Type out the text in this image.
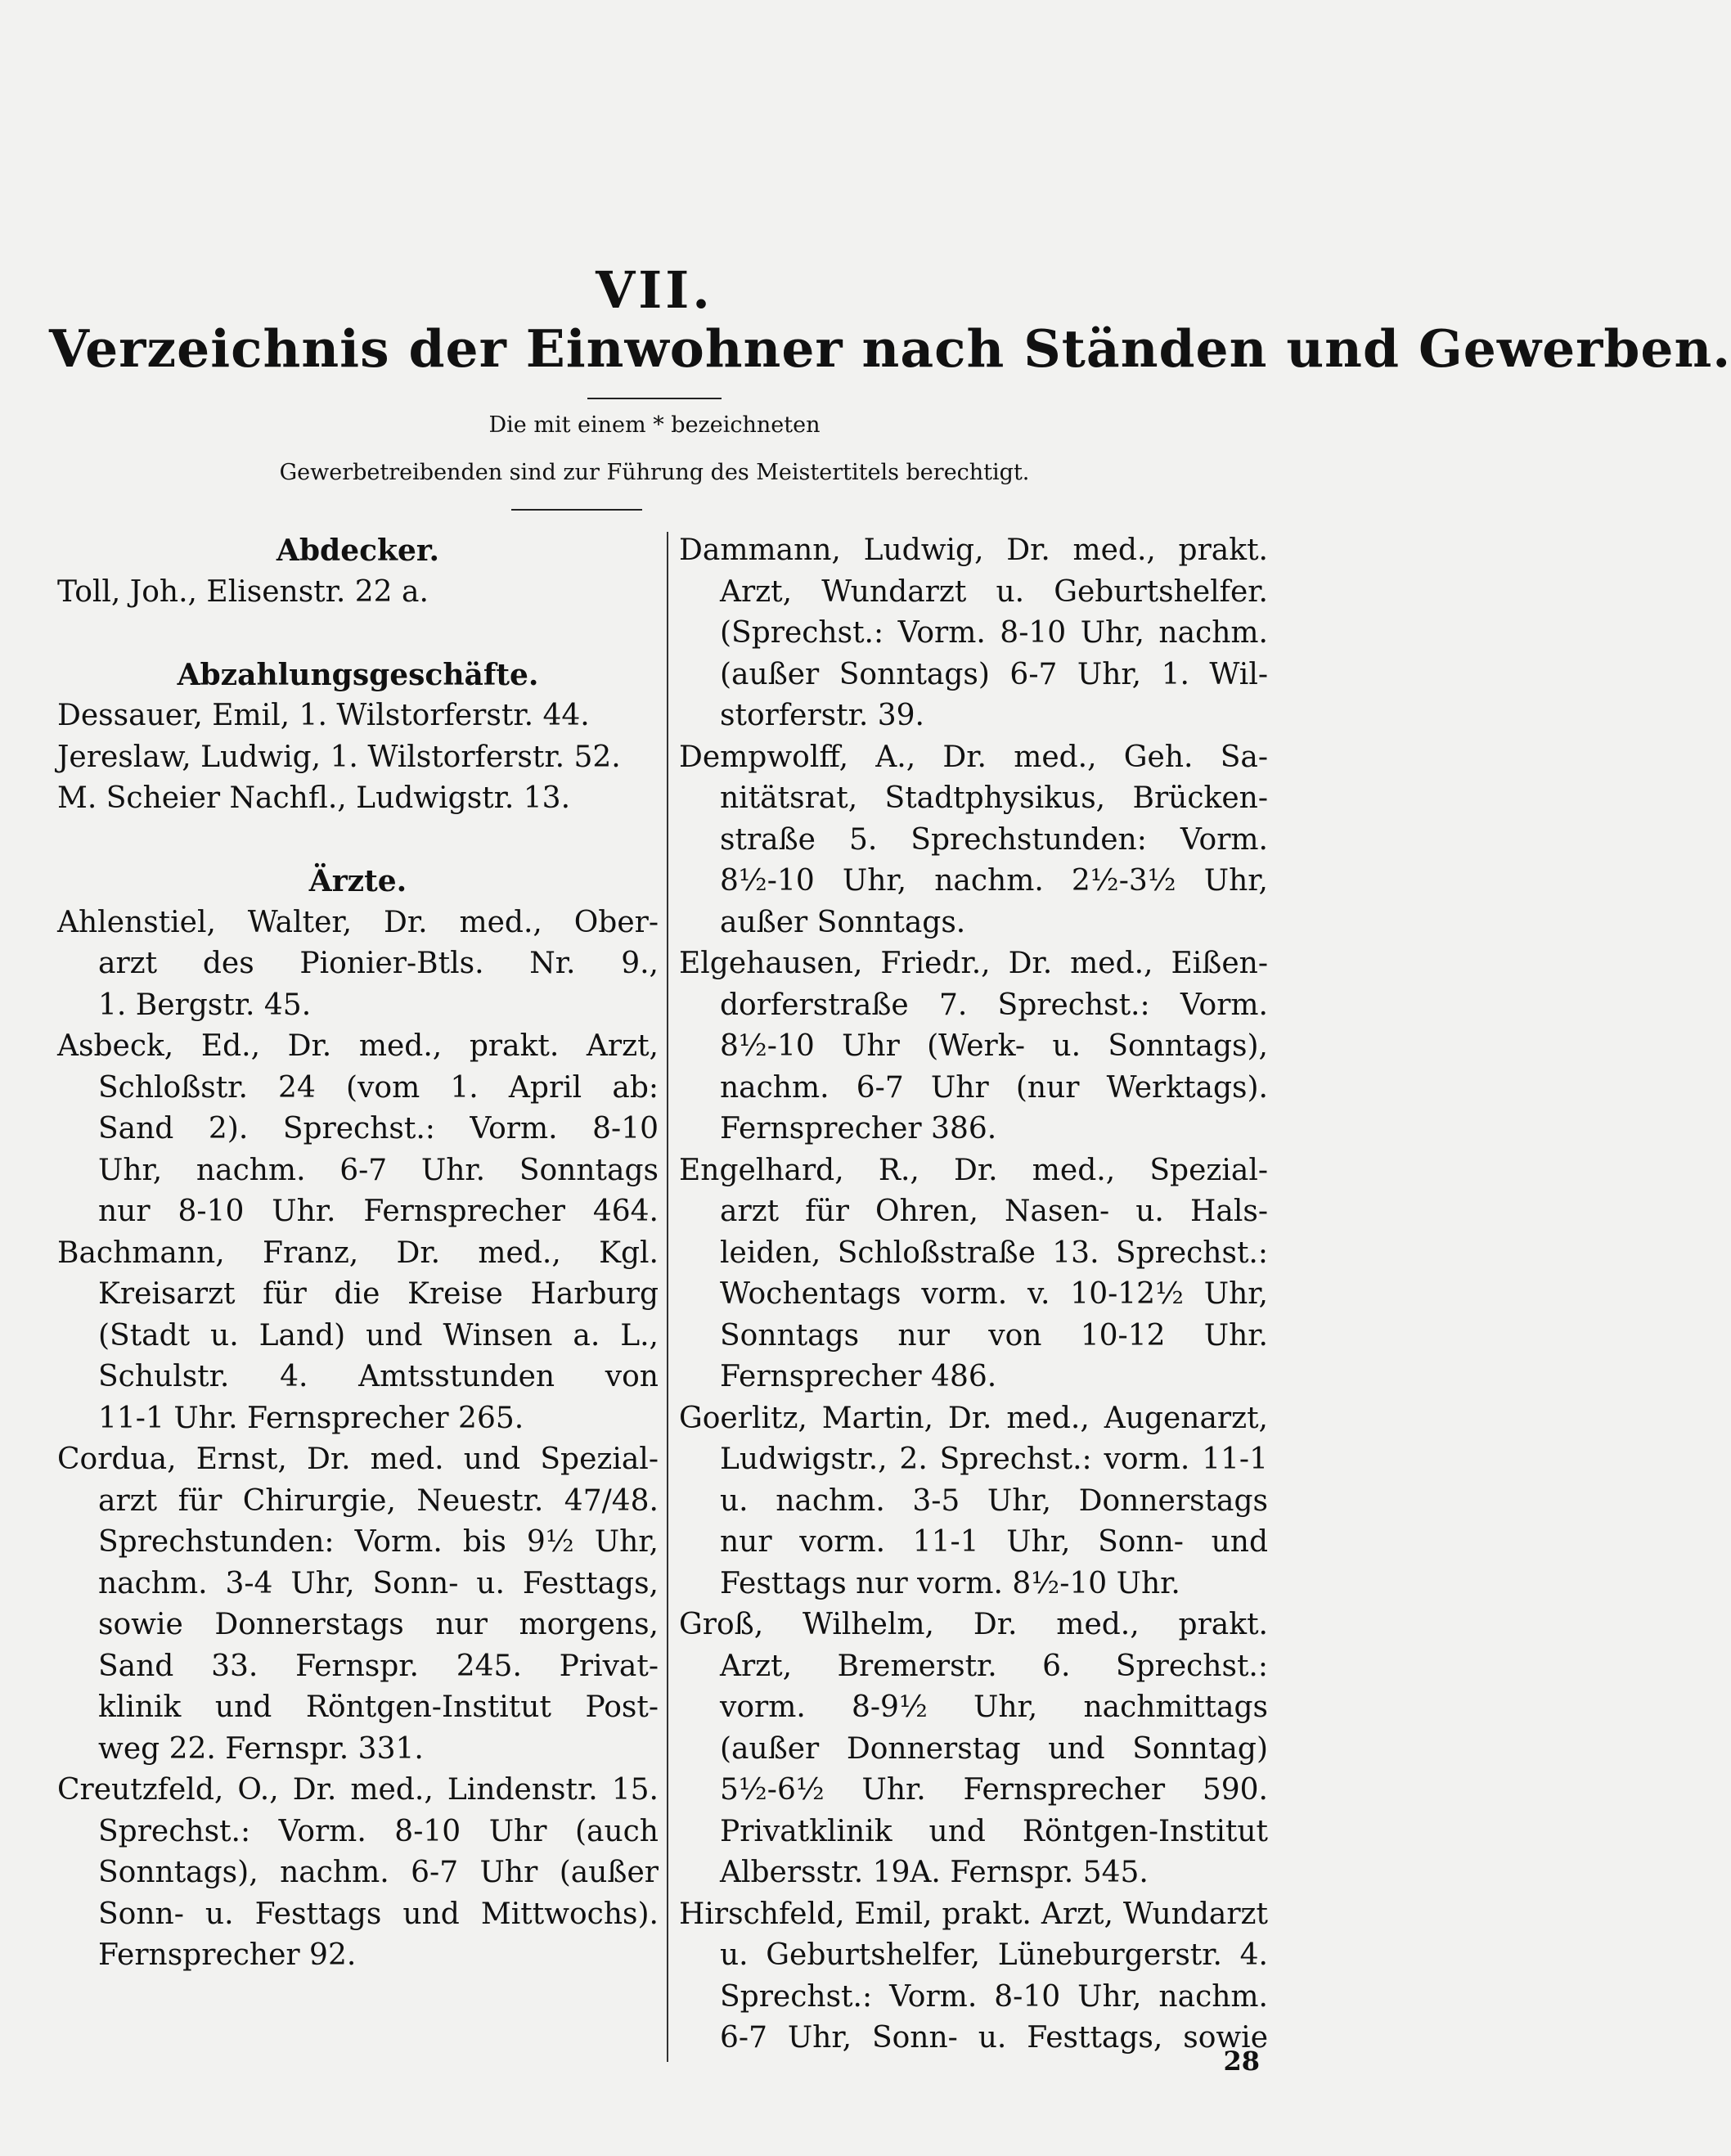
VII.
Verzeichnis der Einwohner nach Ständen und Gewerben.
Die mit einem * bezeichneten
Gewerbetreibenden sind zur Führung des Meistertitels berechtigt.
Abdecker.
Toll, Joh., Elisenstr. 22 a.
Abzahlungsgeschäfte.
Dessauer, Emil, 1. Wilstorferstr. 44.
Jereslaw, Ludwig, 1. Wilstorferstr. 52.
M. Scheier Nachfl., Ludwigstr. 13.
Ärzte.
Ahlenstiel, Walter, Dr. med., Ober-
arzt des Pionier-Btls. Nr. 9.,
1. Bergstr. 45.
Asbeck, Ed., Dr. med., prakt. Arzt,
Schloßstr. 24 (vom 1. April ab:
Sand 2). Sprechst.: Vorm. 8-10
Uhr, nachm. 6-7 Uhr. Sonntags
nur 8-10 Uhr. Fernsprecher 464.
Bachmann, Franz, Dr. med., Kgl.
Kreisarzt für die Kreise Harburg
(Stadt u. Land) und Winsen a. L.,
Schulstr. 4. Amtsstunden von
11-1 Uhr. Fernsprecher 265.
Cordua, Ernst, Dr. med. und Spezial-
arzt für Chirurgie, Neuestr. 47/48.
Sprechstunden: Vorm. bis 9½ Uhr,
nachm. 3-4 Uhr, Sonn- u. Festtags,
sowie Donnerstags nur morgens,
Sand 33. Fernspr. 245. Privat-
klinik und Röntgen-Institut Post-
weg 22. Fernspr. 331.
Creutzfeld, O., Dr. med., Lindenstr. 15.
Sprechst.: Vorm. 8-10 Uhr (auch
Sonntags), nachm. 6-7 Uhr (außer
Sonn- u. Festtags und Mittwochs).
Fernsprecher 92.
Dammann, Ludwig, Dr. med., prakt.
Arzt, Wundarzt u. Geburtshelfer.
(Sprechst.: Vorm. 8-10 Uhr, nachm.
(außer Sonntags) 6-7 Uhr, 1. Wil-
storferstr. 39.
Dempwolff, A., Dr. med., Geh. Sa-
nitätsrat, Stadtphysikus, Brücken-
straße 5. Sprechstunden: Vorm.
8½-10 Uhr, nachm. 2½-3½ Uhr,
außer Sonntags.
Elgehausen, Friedr., Dr. med., Eißen-
dorferstraße 7. Sprechst.: Vorm.
8½-10 Uhr (Werk- u. Sonntags),
nachm. 6-7 Uhr (nur Werktags).
Fernsprecher 386.
Engelhard, R., Dr. med., Spezial-
arzt für Ohren, Nasen- u. Hals-
leiden, Schloßstraße 13. Sprechst.:
Wochentags vorm. v. 10-12½ Uhr,
Sonntags nur von 10-12 Uhr.
Fernsprecher 486.
Goerlitz, Martin, Dr. med., Augenarzt,
Ludwigstr., 2. Sprechst.: vorm. 11-1
u. nachm. 3-5 Uhr, Donnerstags
nur vorm. 11-1 Uhr, Sonn- und
Festtags nur vorm. 8½-10 Uhr.
Groß, Wilhelm, Dr. med., prakt.
Arzt, Bremerstr. 6. Sprechst.:
vorm. 8-9½ Uhr, nachmittags
(außer Donnerstag und Sonntag)
5½-6½ Uhr. Fernsprecher 590.
Privatklinik und Röntgen-Institut
Albersstr. 19A. Fernspr. 545.
Hirschfeld, Emil, prakt. Arzt, Wundarzt
u. Geburtshelfer, Lüneburgerstr. 4.
Sprechst.: Vorm. 8-10 Uhr, nachm.
6-7 Uhr, Sonn- u. Festtags, sowie
28
